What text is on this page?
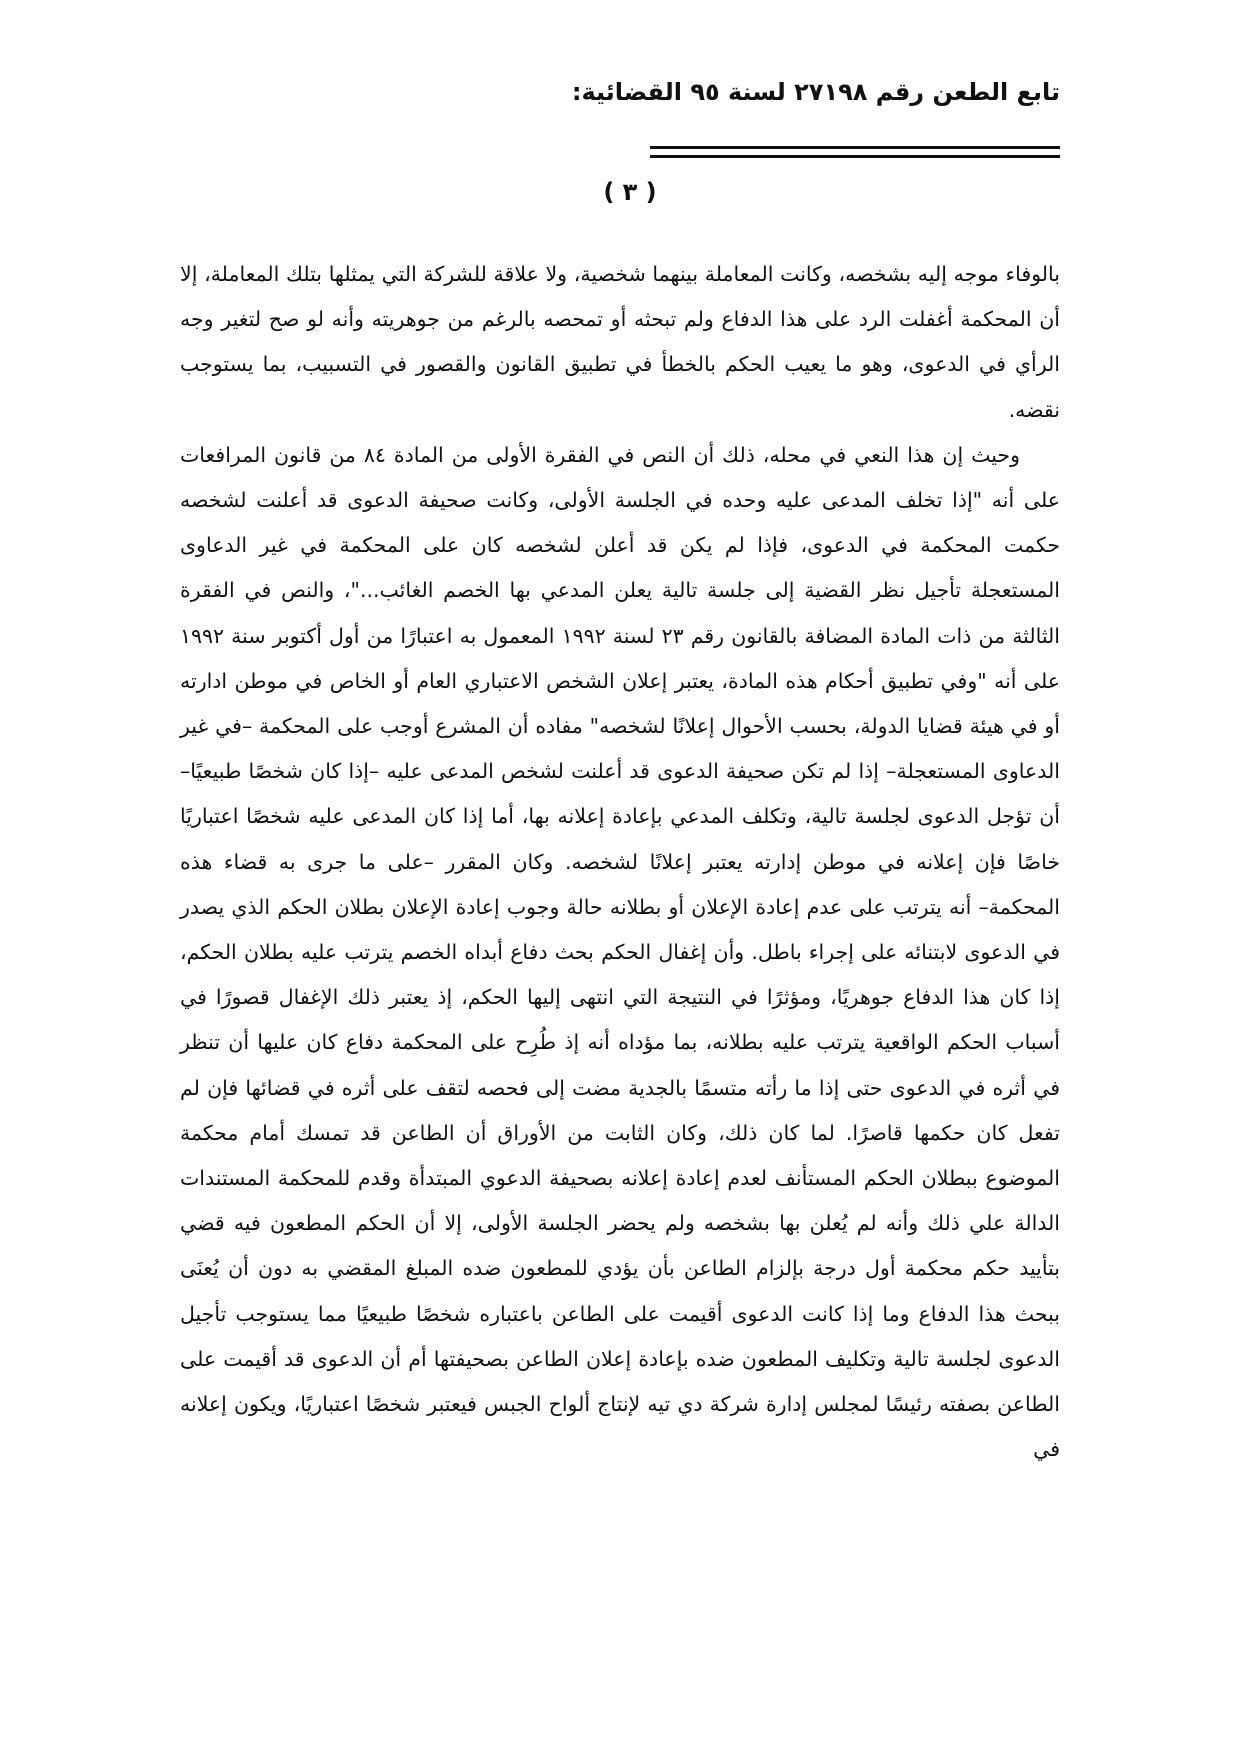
تابع الطعن رقم ٢٧١٩٨ لسنة ٩٥ القضائية:
( ٣ )

بالوفاء موجه إليه بشخصه، وكانت المعاملة بينهما شخصية، ولا علاقة للشركة التي يمثلها بتلك المعاملة، إلا أن المحكمة أغفلت الرد على هذا الدفاع ولم تبحثه أو تمحصه بالرغم من جوهريته وأنه لو صح لتغير وجه الرأي في الدعوى، وهو ما يعيب الحكم بالخطأ في تطبيق القانون والقصور في التسبيب، بما يستوجب نقضه.

وحيث إن هذا النعي في محله، ذلك أن النص في الفقرة الأولى من المادة ٨٤ من قانون المرافعات على أنه "إذا تخلف المدعى عليه وحده في الجلسة الأولى، وكانت صحيفة الدعوى قد أعلنت لشخصه حكمت المحكمة في الدعوى، فإذا لم يكن قد أعلن لشخصه كان على المحكمة في غير الدعاوى المستعجلة تأجيل نظر القضية إلى جلسة تالية يعلن المدعي بها الخصم الغائب..."، والنص في الفقرة الثالثة من ذات المادة المضافة بالقانون رقم ٢٣ لسنة ١٩٩٢ المعمول به اعتبارًا من أول أكتوبر سنة ١٩٩٢ على أنه "وفي تطبيق أحكام هذه المادة، يعتبر إعلان الشخص الاعتباري العام أو الخاص في موطن ادارته أو في هيئة قضايا الدولة، بحسب الأحوال إعلانًا لشخصه" مفاده أن المشرع أوجب على المحكمة –في غير الدعاوى المستعجلة– إذا لم تكن صحيفة الدعوى قد أعلنت لشخص المدعى عليه –إذا كان شخصًا طبيعيًا– أن تؤجل الدعوى لجلسة تالية، وتكلف المدعي بإعادة إعلانه بها، أما إذا كان المدعى عليه شخصًا اعتباريًا خاصًا فإن إعلانه في موطن إدارته يعتبر إعلانًا لشخصه. وكان المقرر –على ما جرى به قضاء هذه المحكمة– أنه يترتب على عدم إعادة الإعلان أو بطلانه حالة وجوب إعادة الإعلان بطلان الحكم الذي يصدر في الدعوى لابتنائه على إجراء باطل. وأن إغفال الحكم بحث دفاع أبداه الخصم يترتب عليه بطلان الحكم، إذا كان هذا الدفاع جوهريًا، ومؤثرًا في النتيجة التي انتهى إليها الحكم، إذ يعتبر ذلك الإغفال قصورًا في أسباب الحكم الواقعية يترتب عليه بطلانه، بما مؤداه أنه إذ طُرِح على المحكمة دفاع كان عليها أن تنظر في أثره في الدعوى حتى إذا ما رأته متسمًا بالجدية مضت إلى فحصه لتقف على أثره في قضائها فإن لم تفعل كان حكمها قاصرًا. لما كان ذلك، وكان الثابت من الأوراق أن الطاعن قد تمسك أمام محكمة الموضوع ببطلان الحكم المستأنف لعدم إعادة إعلانه بصحيفة الدعوي المبتدأة وقدم للمحكمة المستندات الدالة علي ذلك وأنه لم يُعلن بها بشخصه ولم يحضر الجلسة الأولى، إلا أن الحكم المطعون فيه قضي بتأييد حكم محكمة أول درجة بإلزام الطاعن بأن يؤدي للمطعون ضده المبلغ المقضي به دون أن يُعنَى ببحث هذا الدفاع وما إذا كانت الدعوى أقيمت على الطاعن باعتباره شخصًا طبيعيًا مما يستوجب تأجيل الدعوى لجلسة تالية وتكليف المطعون ضده بإعادة إعلان الطاعن بصحيفتها أم أن الدعوى قد أقيمت على الطاعن بصفته رئيسًا لمجلس إدارة شركة دي تيه لإنتاج ألواح الجبس فيعتبر شخصًا اعتباريًا، ويكون إعلانه في
